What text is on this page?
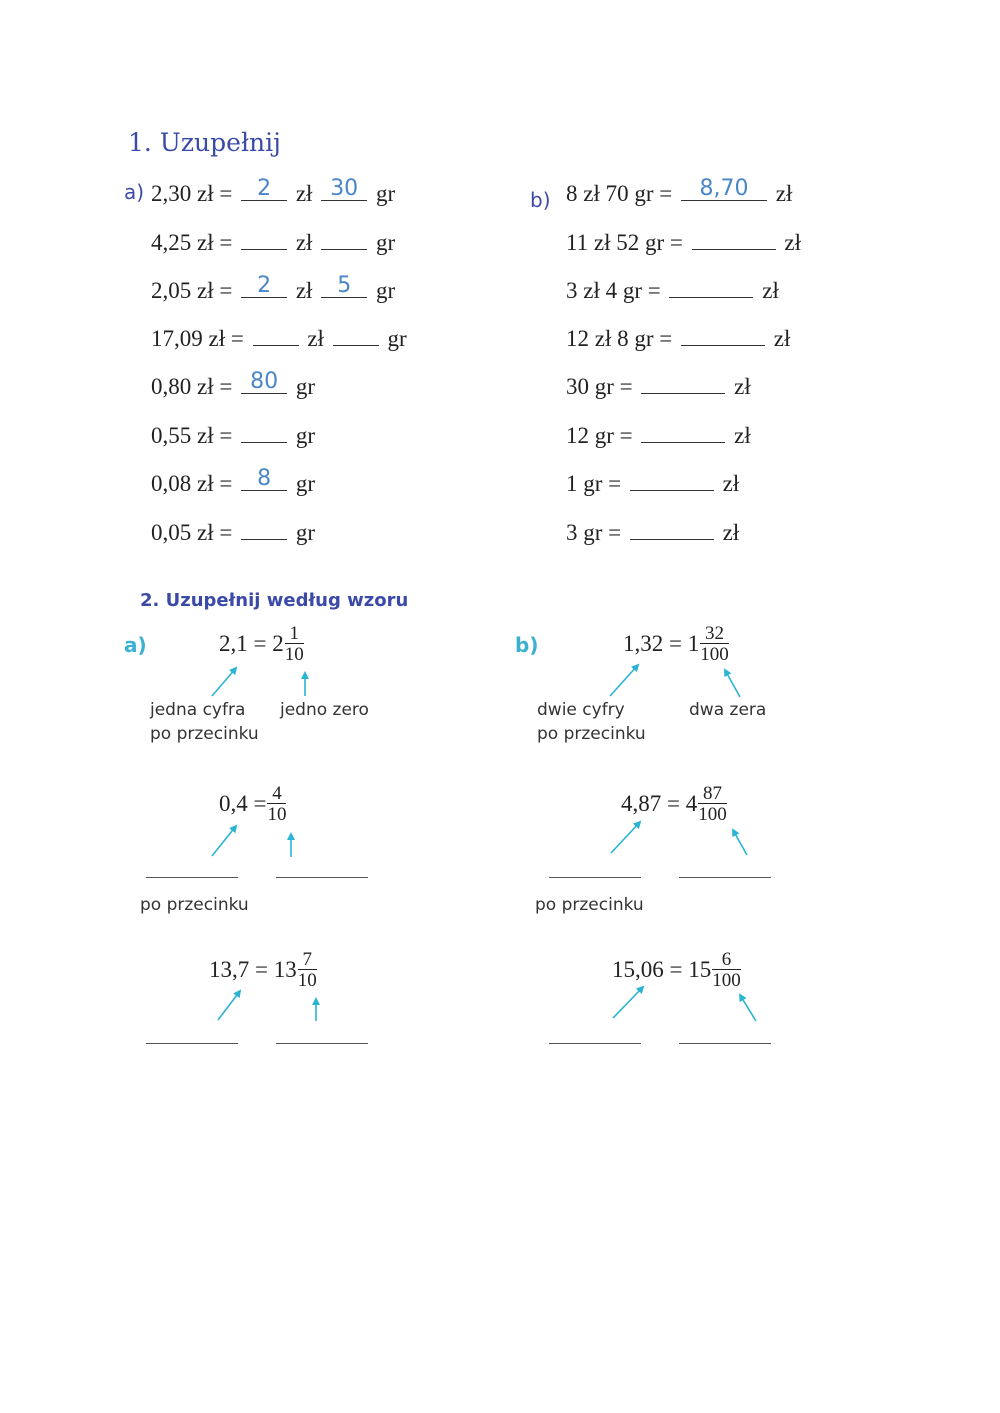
1. Uzupełnij
a)	b)
2,30 zł = 2 zł 30 gr
4,25 zł =
zł
gr
2,05 zł = 2 zł 5 gr
17,09 zł =
zł
gr
0,80 zł = 80 gr
0,55 zł =
gr
0,08 zł = 8 gr
0,05 zł =
gr
8 zł 70 gr = 8,70 zł
11 zł 52 gr =	zł
3 zł 4 gr =	zł
12 zł 8 gr =	zł
30 gr =	zł
12 gr =	zł
1 gr =	zł
3 gr =	zł
2. Uzupełnij według wzoru
a)	b)
$2,1 = 2 \frac{1}{10}$
$0,4 = \frac{4}{10}$
$13,7 = 13 \frac{7}{10}$
$1,32 = 1 \frac{32}{100}$
$4,87 = 4 \frac{87}{100}$
$15,06 = 15 \frac{6}{100}$
jedna cyfra
po przecinku
jedno zero
po przecinku
dwie cyfry
po przecinku
dwa zera
po przecinku
